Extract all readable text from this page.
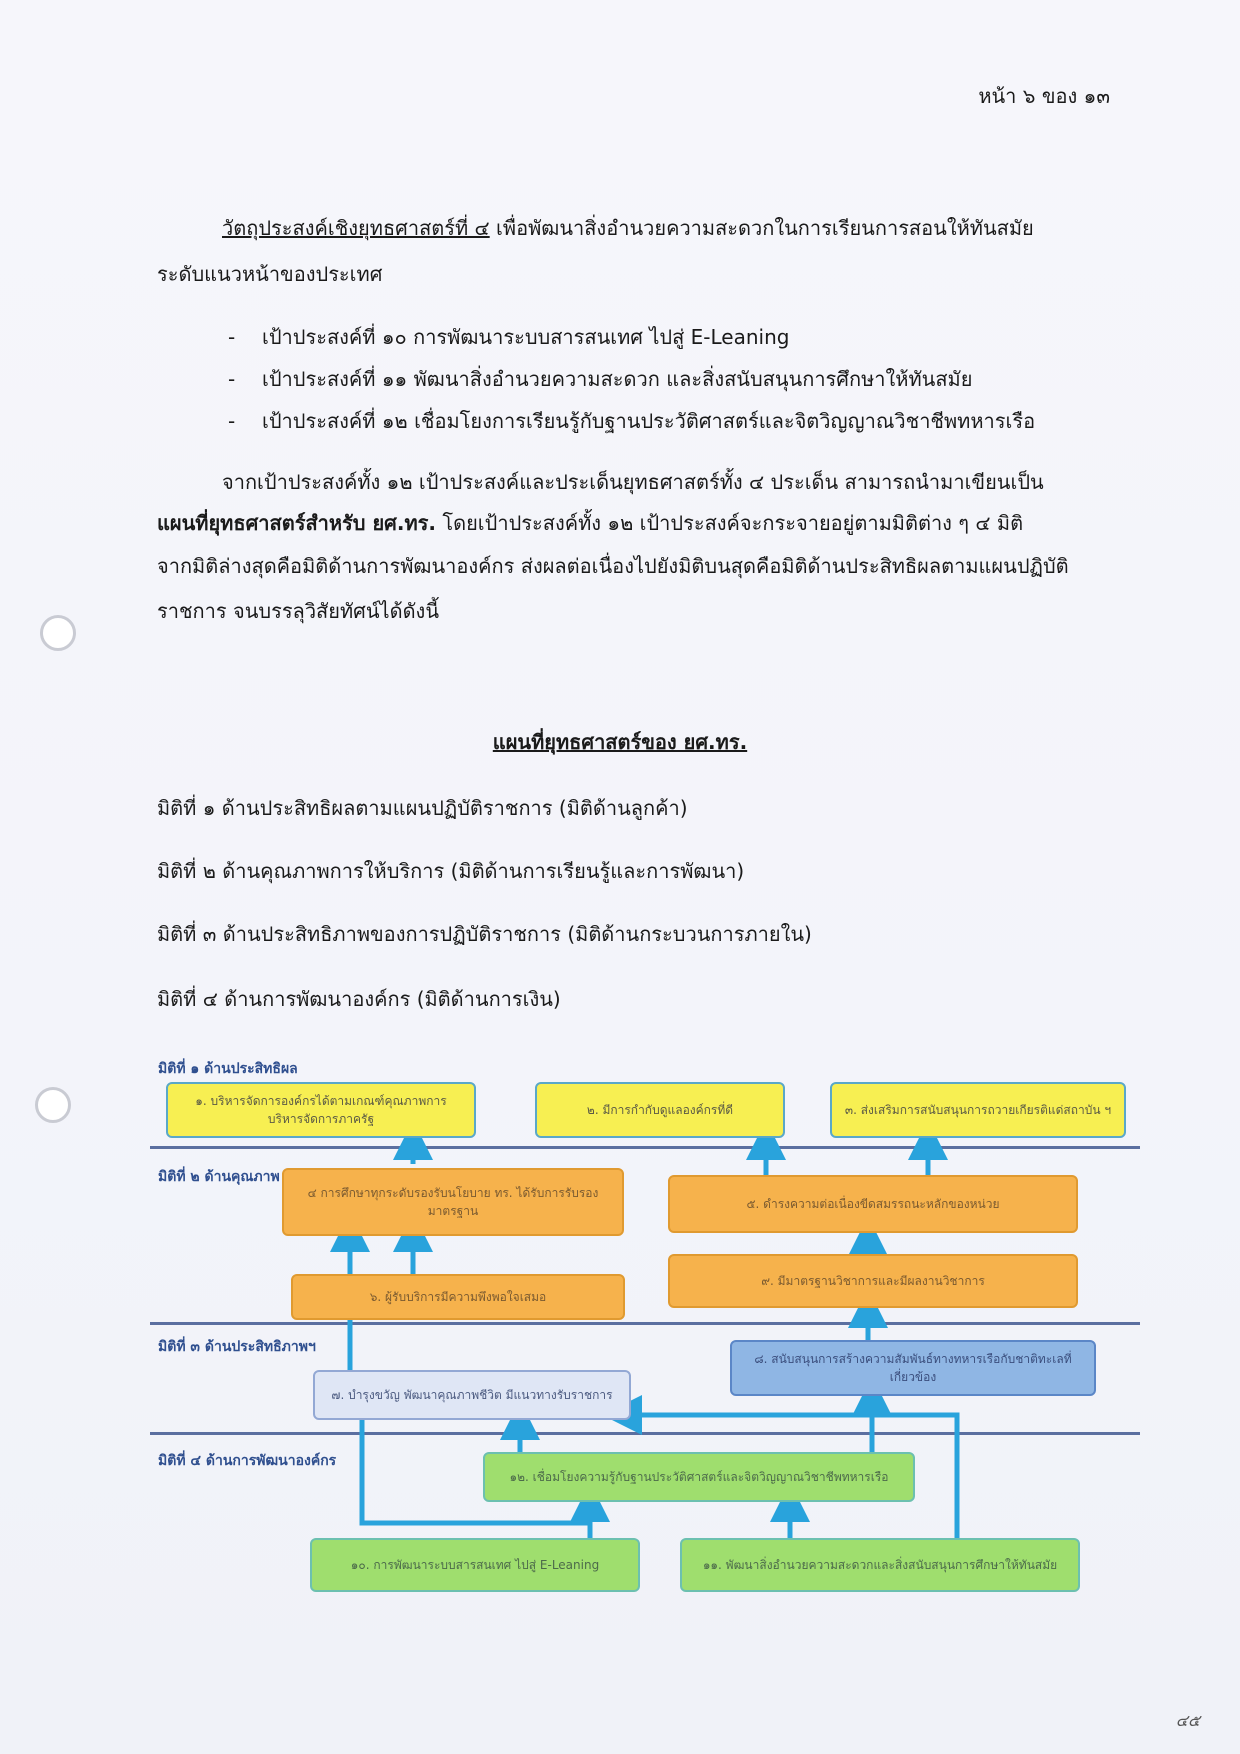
หน้า ๖ ของ ๑๓
วัตถุประสงค์เชิงยุทธศาสตร์ที่ ๔ เพื่อพัฒนาสิ่งอำนวยความสะดวกในการเรียนการสอนให้ทันสมัย
ระดับแนวหน้าของประเทศ
- เป้าประสงค์ที่ ๑๐ การพัฒนาระบบสารสนเทศ ไปสู่ E-Leaning
- เป้าประสงค์ที่ ๑๑ พัฒนาสิ่งอำนวยความสะดวก และสิ่งสนับสนุนการศึกษาให้ทันสมัย
- เป้าประสงค์ที่ ๑๒ เชื่อมโยงการเรียนรู้กับฐานประวัติศาสตร์และจิตวิญญาณวิชาชีพทหารเรือ
จากเป้าประสงค์ทั้ง ๑๒ เป้าประสงค์และประเด็นยุทธศาสตร์ทั้ง ๔ ประเด็น สามารถนำมาเขียนเป็น
แผนที่ยุทธศาสตร์สำหรับ ยศ.ทร. โดยเป้าประสงค์ทั้ง ๑๒ เป้าประสงค์จะกระจายอยู่ตามมิติต่าง ๆ ๔ มิติ
จากมิติล่างสุดคือมิติด้านการพัฒนาองค์กร ส่งผลต่อเนื่องไปยังมิติบนสุดคือมิติด้านประสิทธิผลตามแผนปฏิบัติ
ราชการ จนบรรลุวิสัยทัศน์ได้ดังนี้
แผนที่ยุทธศาสตร์ของ ยศ.ทร.
มิติที่ ๑ ด้านประสิทธิผลตามแผนปฏิบัติราชการ (มิติด้านลูกค้า)
มิติที่ ๒ ด้านคุณภาพการให้บริการ (มิติด้านการเรียนรู้และการพัฒนา)
มิติที่ ๓ ด้านประสิทธิภาพของการปฏิบัติราชการ (มิติด้านกระบวนการภายใน)
มิติที่ ๔ ด้านการพัฒนาองค์กร (มิติด้านการเงิน)
มิติที่ ๑ ด้านประสิทธิผล
มิติที่ ๒ ด้านคุณภาพ
มิติที่ ๓ ด้านประสิทธิภาพฯ
มิติที่ ๔ ด้านการพัฒนาองค์กร
๑. บริหารจัดการองค์กรได้ตามเกณฑ์คุณภาพการบริหารจัดการภาครัฐ
๒. มีการกำกับดูแลองค์กรที่ดี	๓. ส่งเสริมการสนับสนุนการถวายเกียรติแด่สถาบัน ฯ
๔ การศึกษาทุกระดับรองรับนโยบาย ทร. ได้รับการรับรองมาตรฐาน	๕. ดำรงความต่อเนื่องขีดสมรรถนะหลักของหน่วย
๖. ผู้รับบริการมีความพึงพอใจเสมอ
๙. มีมาตรฐานวิชาการและมีผลงานวิชาการ
๘. สนับสนุนการสร้างความสัมพันธ์ทางทหารเรือกับชาติทะเลที่เกี่ยวข้อง
๗. บำรุงขวัญ พัฒนาคุณภาพชีวิต มีแนวทางรับราชการ
๑๒. เชื่อมโยงความรู้กับฐานประวัติศาสตร์และจิตวิญญาณวิชาชีพทหารเรือ
๑๐. การพัฒนาระบบสารสนเทศ ไปสู่ E-Leaning	๑๑. พัฒนาสิ่งอำนวยความสะดวกและสิ่งสนับสนุนการศึกษาให้ทันสมัย
๔๕
